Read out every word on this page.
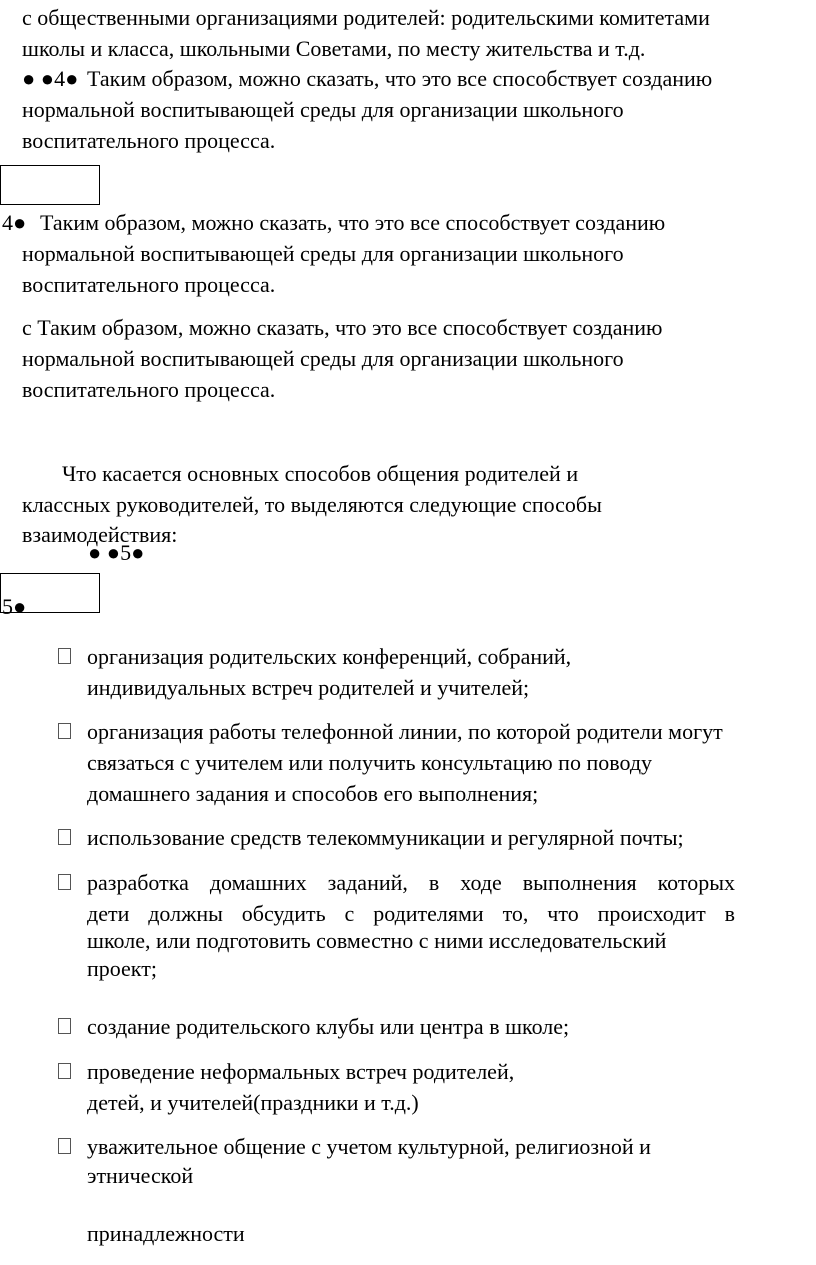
с общественными организациями родителей: родительскими комитетами
школы и класса, школьными Советами, по месту жительства и т.д.
● ●4● Таким образом, можно сказать, что это все способствует созданию
нормальной воспитывающей среды для организации школьного
воспитательного процесса.
4● Таким образом, можно сказать, что это все способствует созданию
нормальной воспитывающей среды для организации школьного
воспитательного процесса.
с Таким образом, можно сказать, что это все способствует созданию
нормальной воспитывающей среды для организации школьного
воспитательного процесса.
Что касается основных способов общения родителей и
классных руководителей, то выделяются следующие способы
взаимодействия:
● ●5●
5●
организация родительских конференций, собраний,
индивидуальных встреч родителей и учителей;
организация работы телефонной линии, по которой родители могут
связаться с учителем или получить консультацию по поводу
домашнего задания и способов его выполнения;
использование средств телекоммуникации и регулярной почты;
разработка домашних заданий, в ходе выполнения которых
дети должны обсудить с родителями то, что происходит в
школе, или подготовить совместно с ними исследовательский
проект;
создание родительского клубы или центра в школе;
проведение неформальных встреч родителей,
детей, и учителей(праздники и т.д.)
уважительное общение с учетом культурной, религиозной и
этнической
принадлежности
